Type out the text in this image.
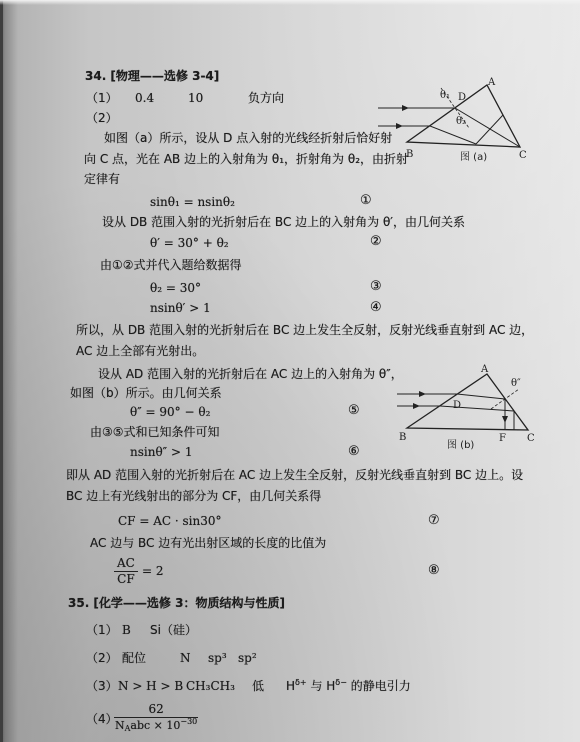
34. [物理——选修 3-4]
（1） 0.4	10	负方向
（2）
如图（a）所示，设从 D 点入射的光线经折射后恰好射
向 C 点，光在 AB 边上的入射角为 θ₁，折射角为 θ₂，由折射
定律有
sinθ₁ = nsinθ₂	①
设从 DB 范围入射的光折射后在 BC 边上的入射角为 θ′，由几何关系
θ′ = 30° + θ₂	②
由①②式并代入题给数据得
θ₂ = 30°	③
nsinθ′ > 1	④
所以，从 DB 范围入射的光折射后在 BC 边上发生全反射，反射光线垂直射到 AC 边，
AC 边上全部有光射出。
设从 AD 范围入射的光折射后在 AC 边上的入射角为 θ″，
如图（b）所示。由几何关系
θ″ = 90° − θ₂	⑤
由③⑤式和已知条件可知
nsinθ″ > 1	⑥
即从 AD 范围入射的光折射后在 AC 边上发生全反射，反射光线垂直射到 BC 边上。设
BC 边上有光线射出的部分为 CF，由几何关系得
CF = AC · sin30°	⑦
AC 边与 BC 边有光出射区域的长度的比值为
$\frac{AC}{CF} = 2$	⑧
θ₁ D
θ₂
A
B	C
图 (a)
A
θ″
D
F
B	C
图 (b)
35. [化学——选修 3：物质结构与性质]
（1） B Si（硅）
（2） 配位	N sp³ sp²
（3） N > H > B CH₃CH₃ 低 $H^{\delta+}$ 与 $H^{\delta-}$ 的静电引力
（4）
62
$N_Aabc \times 10^{-30}$
